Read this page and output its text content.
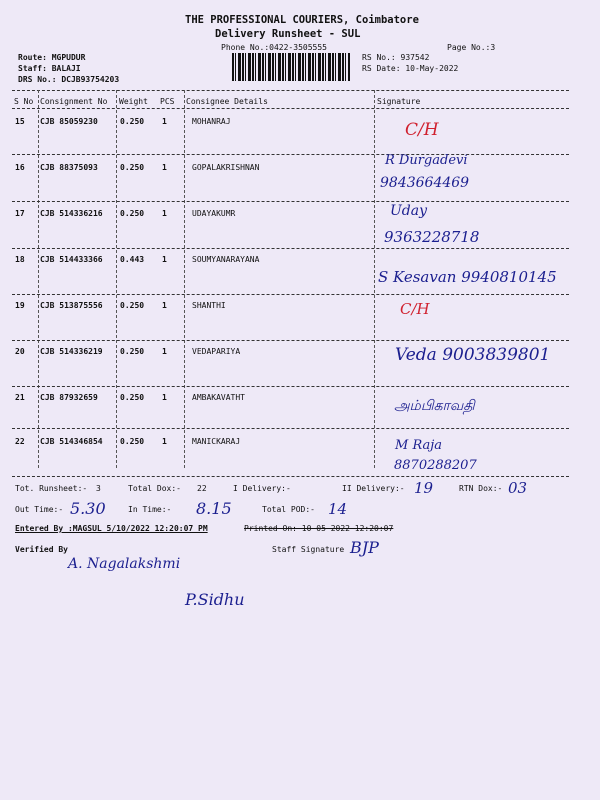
THE PROFESSIONAL COURIERS, Coimbatore
Delivery Runsheet - SUL
Phone No.:0422-3505555	Page No.:3
Route: MGPUDUR
Staff: BALAJI
DRS No.: DCJB93754203
RS No.: 937542
RS Date: 10-May-2022
S No Consignment No Weight PCS Consignee Details	Signature
15 CJB 85059230	0.250 1	MOHANRAJ	C/H
16 CJB 88375093	0.250 1	GOPALAKRISHNAN	R Durgadevi
9843664469
17 CJB 514336216 0.250 1	UDAYAKUMR	Uday
9363228718
18 CJB 514433366 0.443 1	SOUMYANARAYANA
S Kesavan 9940810145
19 CJB 513875556 0.250 1	SHANTHI	C/H
20 CJB 514336219 0.250 1	VEDAPARIYA	Veda 9003839801
21 CJB 87932659	0.250 1	AMBAKAVATHT
அம்பிகாவதி
22 CJB 514346854 0.250 1	MANICKARAJ	M Raja
8870288207
Tot. Runsheet:- 3	Total Dox:- 22	I Delivery:-	II Delivery:- 19	RTN Dox:- 03
Out Time:- 5.30	In Time:- 8.15	Total POD:- 14
Entered By :MAGSUL 5/10/2022 12:20:07 PM	Printed On: 10 05 2022 12:20:07
Verified By	Staff Signature
A. Nagalakshmi
BJP
P.Sidhu
